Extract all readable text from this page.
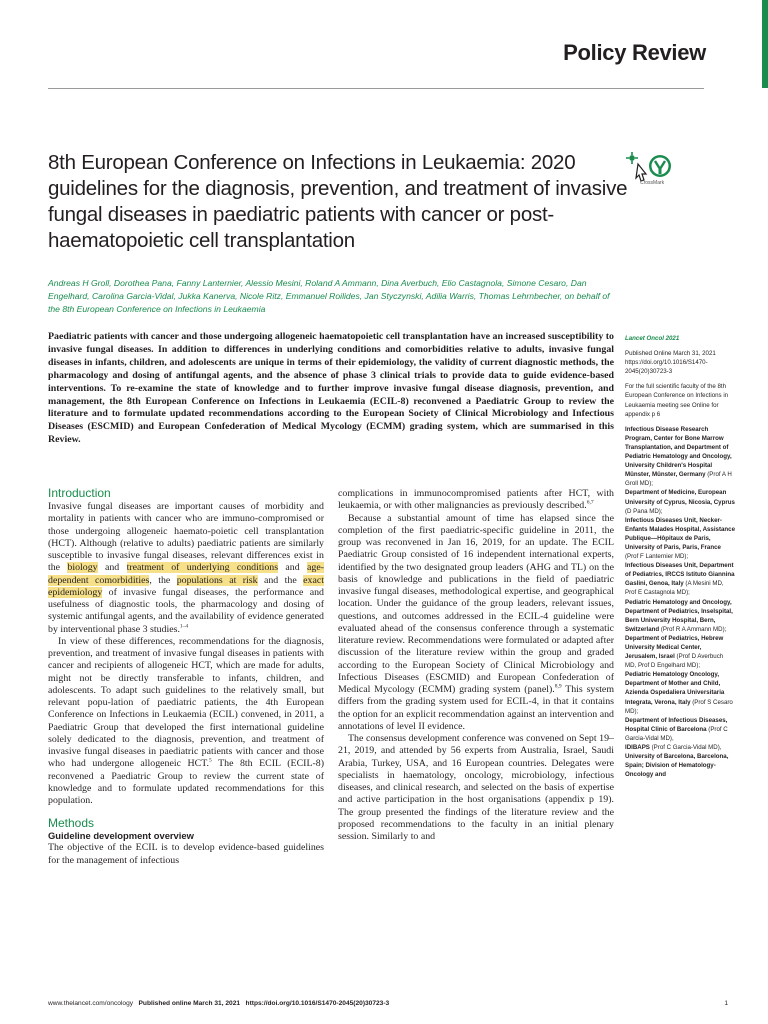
Policy Review
8th European Conference on Infections in Leukaemia: 2020 guidelines for the diagnosis, prevention, and treatment of invasive fungal diseases in paediatric patients with cancer or post-haematopoietic cell transplantation
CrossMark
Andreas H Groll, Dorothea Pana, Fanny Lanternier, Alessio Mesini, Roland A Ammann, Dina Averbuch, Elio Castagnola, Simone Cesaro, Dan Engelhard, Carolina Garcia-Vidal, Jukka Kanerva, Nicole Ritz, Emmanuel Roilides, Jan Styczynski, Adilia Warris, Thomas Lehrnbecher, on behalf of the 8th European Conference on Infections in Leukaemia
Paediatric patients with cancer and those undergoing allogeneic haematopoietic cell transplantation have an increased susceptibility to invasive fungal diseases. In addition to differences in underlying conditions and comorbidities relative to adults, invasive fungal diseases in infants, children, and adolescents are unique in terms of their epidemiology, the validity of current diagnostic methods, the pharmacology and dosing of antifungal agents, and the absence of phase 3 clinical trials to provide data to guide evidence-based interventions. To re-examine the state of knowledge and to further improve invasive fungal disease diagnosis, prevention, and management, the 8th European Conference on Infections in Leukaemia (ECIL-8) reconvened a Paediatric Group to review the literature and to formulate updated recommendations according to the European Society of Clinical Microbiology and Infectious Diseases (ESCMID) and European Confederation of Medical Mycology (ECMM) grading system, which are summarised in this Review.
Introduction

Invasive fungal diseases are important causes of morbidity and mortality in patients with cancer who are immuno-compromised or those undergoing allogeneic haemato-poietic cell transplantation (HCT). Although (relative to adults) paediatric patients are similarly susceptible to invasive fungal diseases, relevant differences exist in the biology and treatment of underlying conditions and age-dependent comorbidities, the populations at risk and the exact epidemiology of invasive fungal diseases, the performance and usefulness of diagnostic tools, the pharmacology and dosing of systemic antifungal agents, and the availability of evidence generated by interventional phase 3 studies.$^{1-4}$

In view of these differences, recommendations for the diagnosis, prevention, and treatment of invasive fungal diseases in patients with cancer and recipients of allogeneic HCT, which are made for adults, might not be directly transferable to infants, children, and adolescents. To adapt such guidelines to the relatively small, but relevant popu-lation of paediatric patients, the 4th European Conference on Infections in Leukaemia (ECIL) convened, in 2011, a Paediatric Group that developed the first international guideline solely dedicated to the diagnosis, prevention, and treatment of invasive fungal diseases in paediatric patients with cancer and those who had undergone allogeneic HCT.$^5$ The 8th ECIL (ECIL-8) reconvened a Paediatric Group to review the current state of knowledge and to formulate updated recommendations for this population.

Methods
Guideline development overview

The objective of the ECIL is to develop evidence-based guidelines for the management of infectious

complications in immunocompromised patients after HCT, with leukaemia, or with other malignancies as previously described.$^{6,7}$

Because a substantial amount of time has elapsed since the completion of the first paediatric-specific guideline in 2011, the group was reconvened in Jan 16, 2019, for an update. The ECIL Paediatric Group consisted of 16 independent international experts, identified by the two designated group leaders (AHG and TL) on the basis of knowledge and publications in the field of paediatric invasive fungal diseases, methodological expertise, and geographical location. Under the guidance of the group leaders, relevant issues, questions, and outcomes addressed in the ECIL-4 guideline were evaluated ahead of the consensus conference through a systematic literature review. Recommendations were formulated or adapted after discussion of the literature review within the group and graded according to the European Society of Clinical Microbiology and Infectious Diseases (ESCMID) and European Confederation of Medical Mycology (ECMM) grading system (panel).$^{8,9}$ This system differs from the grading system used for ECIL-4, in that it contains the option for an explicit recommendation against an intervention and annotations of level II evidence.

The consensus development conference was convened on Sept 19–21, 2019, and attended by 56 experts from Australia, Israel, Saudi Arabia, Turkey, USA, and 16 European countries. Delegates were specialists in haematology, oncology, microbiology, infectious diseases, and clinical research, and selected on the basis of expertise and active participation in the host organisations (appendix p 19). The group presented the findings of the literature review and the proposed recommendations to the faculty in an initial plenary session. Similarly to and

Lancet Oncol 2021
Published Online March 31, 2021 https://doi.org/10.1016/S1470-2045(20)30723-3
For the full scientific faculty of the 8th European Conference on Infections in Leukaemia meeting see Online for appendix p 6
Infectious Disease Research Program, Center for Bone Marrow Transplantation, and Department of Pediatric Hematology and Oncology, University Children's Hospital Münster, Münster, Germany (Prof A H Groll MD);
Department of Medicine, European University of Cyprus, Nicosia, Cyprus (D Pana MD);
Infectious Diseases Unit, Necker-Enfants Malades Hospital, Assistance Publique—Hôpitaux de Paris, University of Paris, Paris, France (Prof F Lanternier MD);
Infectious Diseases Unit, Department of Pediatrics, IRCCS Istituto Giannina Gaslini, Genoa, Italy (A Mesini MD, Prof E Castagnola MD);
Pediatric Hematology and Oncology, Department of Pediatrics, Inselspital, Bern University Hospital, Bern, Switzerland (Prof R A Ammann MD);
Department of Pediatrics, Hebrew University Medical Center, Jerusalem, Israel (Prof D Averbuch MD, Prof D Engelhard MD);
Pediatric Hematology Oncology, Department of Mother and Child, Azienda Ospedaliera Universitaria Integrata, Verona, Italy (Prof S Cesaro MD);
Department of Infectious Diseases, Hospital Clinic of Barcelona (Prof C Garcia-Vidal MD),
IDIBAPS (Prof C Garcia-Vidal MD),
University of Barcelona, Barcelona, Spain; Division of Hematology-Oncology and
www.thelancet.com/oncology Published online March 31, 2021 https://doi.org/10.1016/S1470-2045(20)30723-3	1
